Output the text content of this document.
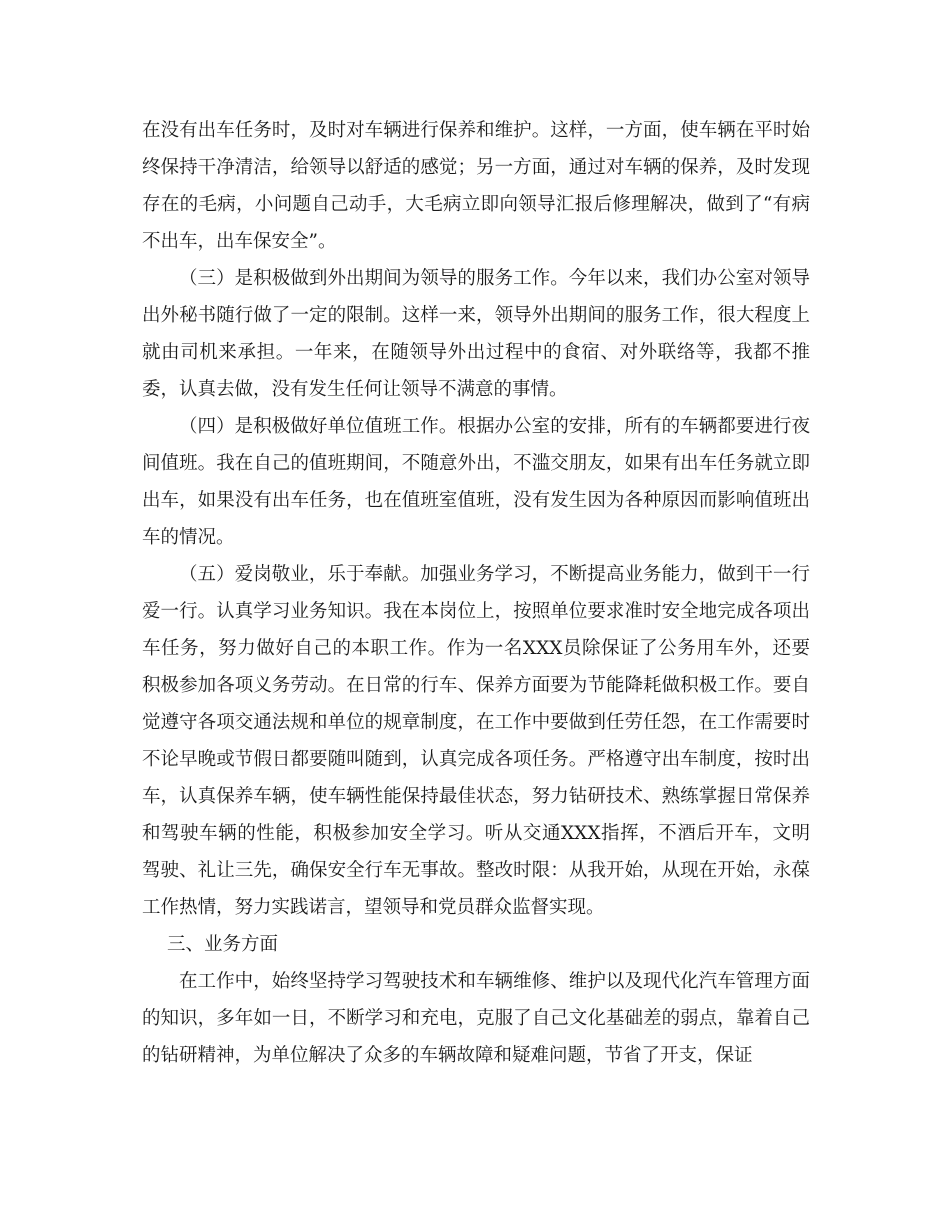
在没有出车任务时，及时对车辆进行保养和维护。这样，一方面，使车辆在平时始终保持干净清洁，给领导以舒适的感觉；另一方面，通过对车辆的保养，及时发现存在的毛病，小问题自己动手，大毛病立即向领导汇报后修理解决，做到了“有病不出车，出车保安全”。

（三）是积极做到外出期间为领导的服务工作。今年以来，我们办公室对领导出外秘书随行做了一定的限制。这样一来，领导外出期间的服务工作，很大程度上就由司机来承担。一年来，在随领导外出过程中的食宿、对外联络等，我都不推委，认真去做，没有发生任何让领导不满意的事情。

（四）是积极做好单位值班工作。根据办公室的安排，所有的车辆都要进行夜间值班。我在自己的值班期间，不随意外出，不滥交朋友，如果有出车任务就立即出车，如果没有出车任务，也在值班室值班，没有发生因为各种原因而影响值班出车的情况。

（五）爱岗敬业，乐于奉献。加强业务学习，不断提高业务能力，做到干一行爱一行。认真学习业务知识。我在本岗位上，按照单位要求准时安全地完成各项出车任务，努力做好自己的本职工作。作为一名XXX员除保证了公务用车外，还要积极参加各项义务劳动。在日常的行车、保养方面要为节能降耗做积极工作。要自觉遵守各项交通法规和单位的规章制度，在工作中要做到任劳任怨，在工作需要时不论早晚或节假日都要随叫随到，认真完成各项任务。严格遵守出车制度，按时出车，认真保养车辆，使车辆性能保持最佳状态，努力钻研技术、熟练掌握日常保养和驾驶车辆的性能，积极参加安全学习。听从交通XXX指挥，不酒后开车，文明驾驶、礼让三先，确保安全行车无事故。整改时限：从我开始，从现在开始，永葆工作热情，努力实践诺言，望领导和党员群众监督实现。

三、业务方面

在工作中，始终坚持学习驾驶技术和车辆维修、维护以及现代化汽车管理方面的知识，多年如一日，不断学习和充电，克服了自己文化基础差的弱点，靠着自己的钻研精神，为单位解决了众多的车辆故障和疑难问题，节省了开支，保证
